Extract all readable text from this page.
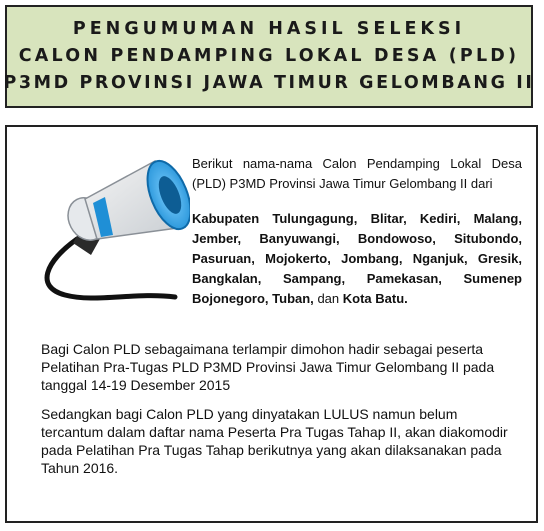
PENGUMUMAN HASIL SELEKSI
CALON PENDAMPING LOKAL DESA (PLD)
P3MD PROVINSI JAWA TIMUR GELOMBANG II
Berikut nama-nama Calon Pendamping Lokal Desa (PLD) P3MD Provinsi Jawa Timur Gelombang II dari
Kabupaten Tulungagung, Blitar, Kediri, Malang, Jember, Banyuwangi, Bondowoso, Situbondo, Pasuruan, Mojokerto, Jombang, Nganjuk, Gresik, Bangkalan, Sampang, Pamekasan, Sumenep Bojonegoro, Tuban, dan Kota Batu.
Bagi Calon PLD sebagaimana terlampir dimohon hadir sebagai peserta Pelatihan Pra-Tugas PLD P3MD Provinsi Jawa Timur Gelombang II pada tanggal 14-19 Desember 2015
Sedangkan bagi Calon PLD yang dinyatakan LULUS namun belum tercantum dalam daftar nama Peserta Pra Tugas Tahap II, akan diakomodir pada Pelatihan Pra Tugas Tahap berikutnya yang akan dilaksanakan pada Tahun 2016.
